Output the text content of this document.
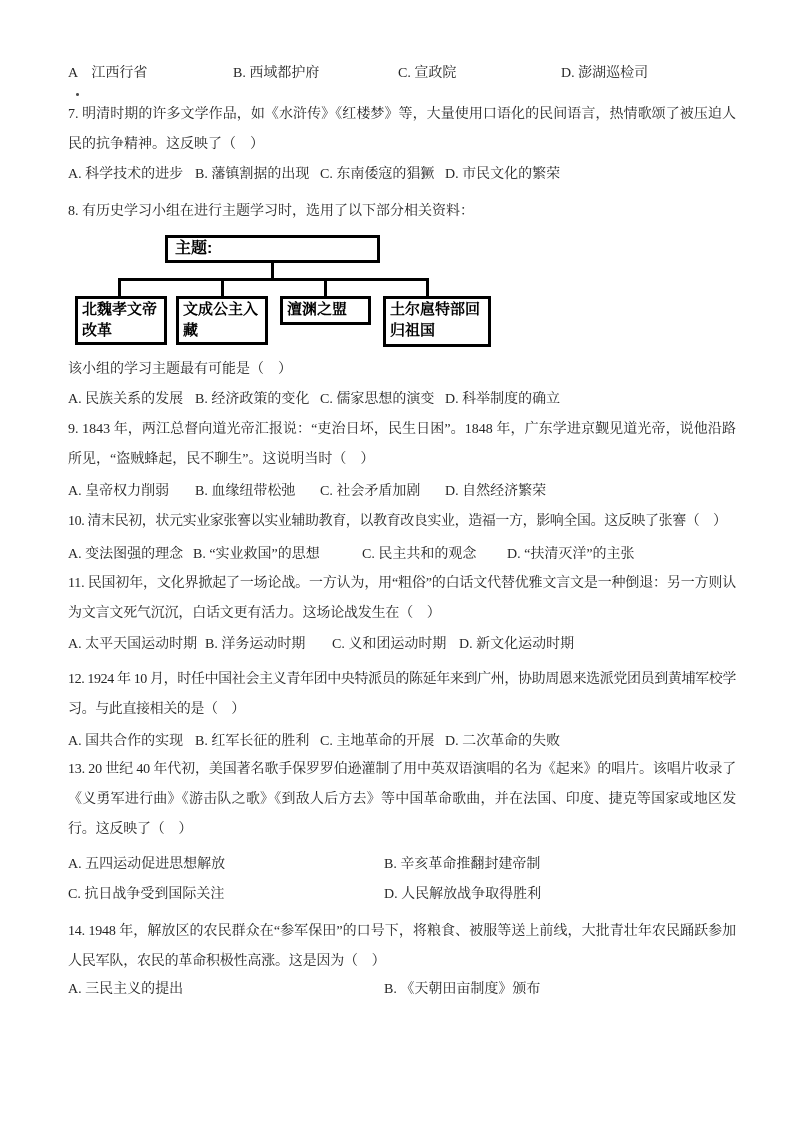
A　江西行省	B. 西域都护府	C. 宣政院	D. 澎湖巡检司

7. 明清时期的许多文学作品，如《水浒传》《红楼梦》等，大量使用口语化的民间语言，热情歌颂了被压迫人民的抗争精神。这反映了（　）

A. 科学技术的进步 B. 藩镇割据的出现 C. 东南倭寇的猖獗 D. 市民文化的繁荣

8. 有历史学习小组在进行主题学习时，选用了以下部分相关资料：

主题:
北魏孝文帝改革
文成公主入藏
澶渊之盟	土尔扈特部回归祖国

该小组的学习主题最有可能是（　）

A. 民族关系的发展 B. 经济政策的变化 C. 儒家思想的演变 D. 科举制度的确立

9. 1843 年，两江总督向道光帝汇报说：“吏治日坏，民生日困”。1848 年，广东学进京觐见道光帝，说他沿路所见，“盗贼蜂起，民不聊生”。这说明当时（　）

A. 皇帝权力削弱	B. 血缘纽带松弛	C. 社会矛盾加剧	D. 自然经济繁荣

10. 清末民初，状元实业家张謇以实业辅助教育，以教育改良实业，造福一方，影响全国。这反映了张謇（　）

A. 变法图强的理念 B. “实业救国”的思想	C. 民主共和的观念	D. “扶清灭洋”的主张

11. 民国初年，文化界掀起了一场论战。一方认为，用“粗俗”的白话文代替优雅文言文是一种倒退：另一方则认为文言文死气沉沉，白话文更有活力。这场论战发生在（　）

A. 太平天国运动时期 B. 洋务运动时期	C. 义和团运动时期 D. 新文化运动时期

12. 1924 年 10 月，时任中国社会主义青年团中央特派员的陈延年来到广州，协助周恩来选派党团员到黄埔军校学习。与此直接相关的是（　）

A. 国共合作的实现 B. 红军长征的胜利 C. 主地革命的开展 D. 二次革命的失败

13. 20 世纪 40 年代初，美国著名歌手保罗罗伯逊灌制了用中英双语演唱的名为《起来》的唱片。该唱片收录了《义勇军进行曲》《游击队之歌》《到敌人后方去》等中国革命歌曲，并在法国、印度、捷克等国家或地区发行。这反映了（　）

A. 五四运动促进思想解放	B. 辛亥革命推翻封建帝制
C. 抗日战争受到国际关注	D. 人民解放战争取得胜利

14. 1948 年，解放区的农民群众在“参军保田”的口号下，将粮食、被服等送上前线，大批青壮年农民踊跃参加人民军队，农民的革命积极性高涨。这是因为（　）

A. 三民主义的提出	B. 《天朝田亩制度》颁布
